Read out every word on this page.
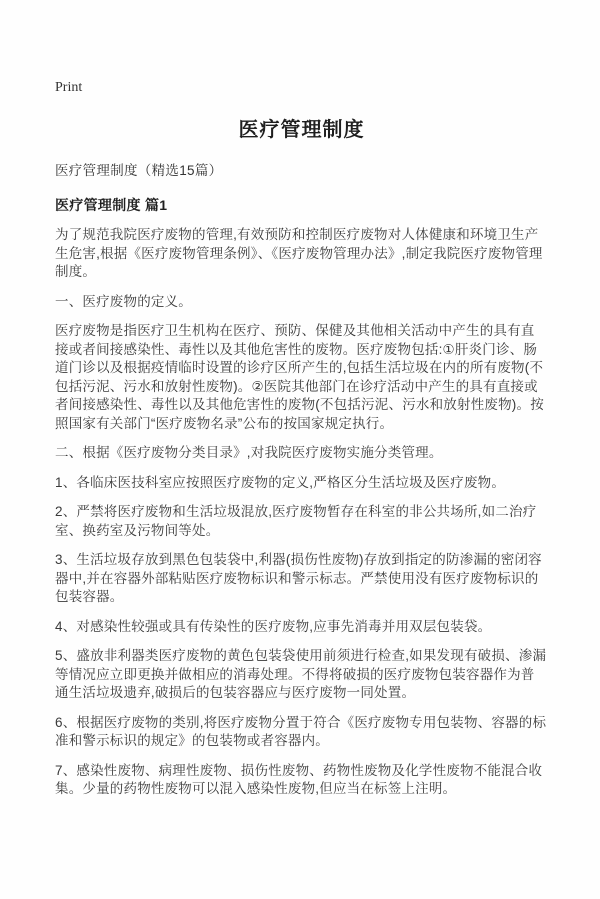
Print
医疗管理制度
医疗管理制度（精选15篇）
医疗管理制度 篇1

为了规范我院医疗废物的管理,有效预防和控制医疗废物对人体健康和环境卫生产生危害,根据《医疗废物管理条例》、《医疗废物管理办法》,制定我院医疗废物管理制度。

一、医疗废物的定义。

医疗废物是指医疗卫生机构在医疗、预防、保健及其他相关活动中产生的具有直接或者间接感染性、毒性以及其他危害性的废物。医疗废物包括:①肝炎门诊、肠道门诊以及根据疫情临时设置的诊疗区所产生的,包括生活垃圾在内的所有废物(不包括污泥、污水和放射性废物)。②医院其他部门在诊疗活动中产生的具有直接或者间接感染性、毒性以及其他危害性的废物(不包括污泥、污水和放射性废物)。按照国家有关部门“医疗废物名录”公布的按国家规定执行。

二、根据《医疗废物分类目录》,对我院医疗废物实施分类管理。

1、各临床医技科室应按照医疗废物的定义,严格区分生活垃圾及医疗废物。

2、严禁将医疗废物和生活垃圾混放,医疗废物暂存在科室的非公共场所,如二治疗室、换药室及污物间等处。

3、生活垃圾存放到黑色包装袋中,利器(损伤性废物)存放到指定的防渗漏的密闭容器中,并在容器外部粘贴医疗废物标识和警示标志。严禁使用没有医疗废物标识的包装容器。

4、对感染性较强或具有传染性的医疗废物,应事先消毒并用双层包装袋。

5、盛放非利器类医疗废物的黄色包装袋使用前须进行检查,如果发现有破损、渗漏等情况应立即更换并做相应的消毒处理。不得将破损的医疗废物包装容器作为普通生活垃圾遗弃,破损后的包装容器应与医疗废物一同处置。

6、根据医疗废物的类别,将医疗废物分置于符合《医疗废物专用包装物、容器的标准和警示标识的规定》的包装物或者容器内。

7、感染性废物、病理性废物、损伤性废物、药物性废物及化学性废物不能混合收集。少量的药物性废物可以混入感染性废物,但应当在标签上注明。
